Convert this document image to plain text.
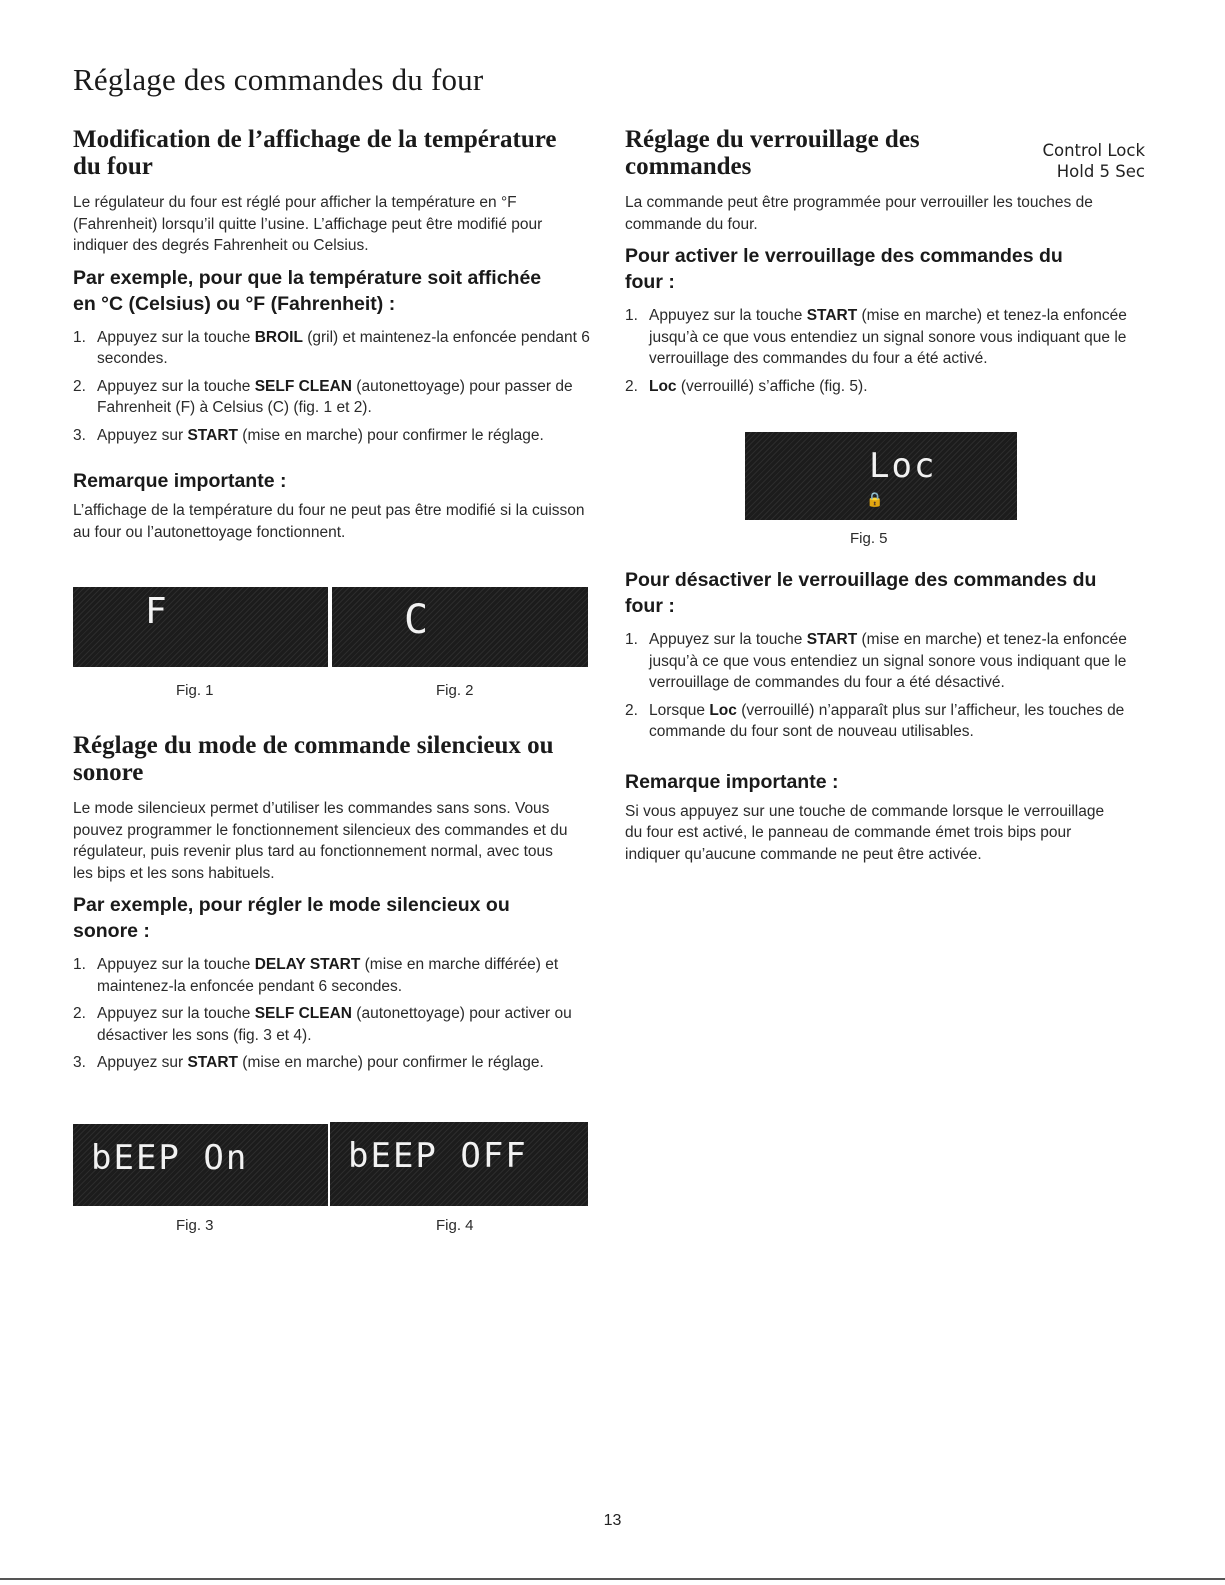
Réglage des commandes du four
Modification de l’affichage de la température du four

Le régulateur du four est réglé pour afficher la température en °F (Fahrenheit) lorsqu’il quitte l’usine. L’affichage peut être modifié pour indiquer des degrés Fahrenheit ou Celsius.

Par exemple, pour que la température soit affichée en °C (Celsius) ou °F (Fahrenheit) :
1. Appuyez sur la touche BROIL (gril) et maintenez-la enfoncée pendant 6 secondes.
2. Appuyez sur la touche SELF CLEAN (autonettoyage) pour passer de Fahrenheit (F) à Celsius (C) (fig. 1 et 2).
3. Appuyez sur START (mise en marche) pour confirmer le réglage.
Remarque importante :

L’affichage de la température du four ne peut pas être modifié si la cuisson au four ou l’autonettoyage fonctionnent.

F	C
Fig. 1	Fig. 2
Réglage du mode de commande silencieux ou sonore

Le mode silencieux permet d’utiliser les commandes sans sons. Vous pouvez programmer le fonctionnement silencieux des commandes et du régulateur, puis revenir plus tard au fonctionnement normal, avec tous les bips et les sons habituels.

Par exemple, pour régler le mode silencieux ou sonore :
1. Appuyez sur la touche DELAY START (mise en marche différée) et maintenez-la enfoncée pendant 6 secondes.
2. Appuyez sur la touche SELF CLEAN (autonettoyage) pour activer ou désactiver les sons (fig. 3 et 4).
3. Appuyez sur START (mise en marche) pour confirmer le réglage.
bEEP On	bEEP OFF
Fig. 3	Fig. 4
Réglage du verrouillage des commandes
Control Lock
Hold 5 Sec

La commande peut être programmée pour verrouiller les touches de commande du four.

Pour activer le verrouillage des commandes du four :
1. Appuyez sur la touche START (mise en marche) et tenez-la enfoncée jusqu’à ce que vous entendiez un signal sonore vous indiquant que le verrouillage des commandes du four a été activé.
2. Loc (verrouillé) s’affiche (fig. 5).
Loc
🔒
Fig. 5
Pour désactiver le verrouillage des commandes du four :
1. Appuyez sur la touche START (mise en marche) et tenez-la enfoncée jusqu’à ce que vous entendiez un signal sonore vous indiquant que le verrouillage de commandes du four a été désactivé.
2. Lorsque Loc (verrouillé) n’apparaît plus sur l’afficheur, les touches de commande du four sont de nouveau utilisables.
Remarque importante :

Si vous appuyez sur une touche de commande lorsque le verrouillage du four est activé, le panneau de commande émet trois bips pour indiquer qu’aucune commande ne peut être activée.

13
